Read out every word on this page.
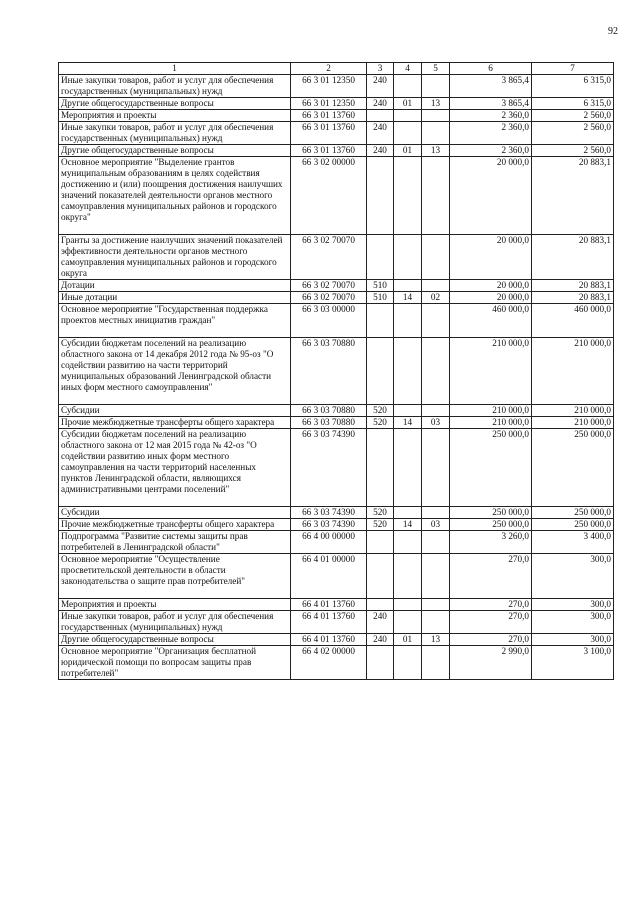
92
1	2	3	4	5	6	7
Иные закупки товаров, работ и услуг для обеспечения государственных (муниципальных) нужд	66 3 01 12350	240			3 865,4	6 315,0
Другие общегосударственные вопросы	66 3 01 12350	240	01	13	3 865,4	6 315,0
Мероприятия и проекты	66 3 01 13760				2 360,0	2 560,0
Иные закупки товаров, работ и услуг для обеспечения государственных (муниципальных) нужд	66 3 01 13760	240			2 360,0	2 560,0
Другие общегосударственные вопросы	66 3 01 13760	240	01	13	2 360,0	2 560,0
Основное мероприятие "Выделение грантов муниципальным образованиям в целях содействия достижению и (или) поощрения достижения наилучших значений показателей деятельности органов местного самоуправления муниципальных районов и городского округа"	66 3 02 00000				20 000,0	20 883,1
Гранты за достижение наилучших значений показателей эффективности деятельности органов местного самоуправления муниципальных районов и городского округа	66 3 02 70070				20 000,0	20 883,1
Дотации	66 3 02 70070	510			20 000,0	20 883,1
Иные дотации	66 3 02 70070	510	14	02	20 000,0	20 883,1
Основное мероприятие "Государственная поддержка проектов местных инициатив граждан"	66 3 03 00000				460 000,0	460 000,0
Субсидии бюджетам поселений на реализацию областного закона от 14 декабря 2012 года № 95-оз "О содействии развитию на части территорий муниципальных образований Ленинградской области иных форм местного самоуправления"	66 3 03 70880				210 000,0	210 000,0
Субсидии	66 3 03 70880	520			210 000,0	210 000,0
Прочие межбюджетные трансферты общего характера	66 3 03 70880	520	14	03	210 000,0	210 000,0
Субсидии бюджетам поселений на реализацию областного закона от 12 мая 2015 года № 42-оз "О содействии развитию иных форм местного самоуправления на части территорий населенных пунктов Ленинградской области, являющихся административными центрами поселений"	66 3 03 74390				250 000,0	250 000,0
Субсидии	66 3 03 74390	520			250 000,0	250 000,0
Прочие межбюджетные трансферты общего характера	66 3 03 74390	520	14	03	250 000,0	250 000,0
Подпрограмма "Развитие системы защиты прав потребителей в Ленинградской области"	66 4 00 00000				3 260,0	3 400,0
Основное мероприятие "Осуществление просветительской деятельности в области законодательства о защите прав потребителей"	66 4 01 00000				270,0	300,0
Мероприятия и проекты	66 4 01 13760				270,0	300,0
Иные закупки товаров, работ и услуг для обеспечения государственных (муниципальных) нужд	66 4 01 13760	240			270,0	300,0
Другие общегосударственные вопросы	66 4 01 13760	240	01	13	270,0	300,0
Основное мероприятие "Организация бесплатной юридической помощи по вопросам защиты прав потребителей"	66 4 02 00000				2 990,0	3 100,0
